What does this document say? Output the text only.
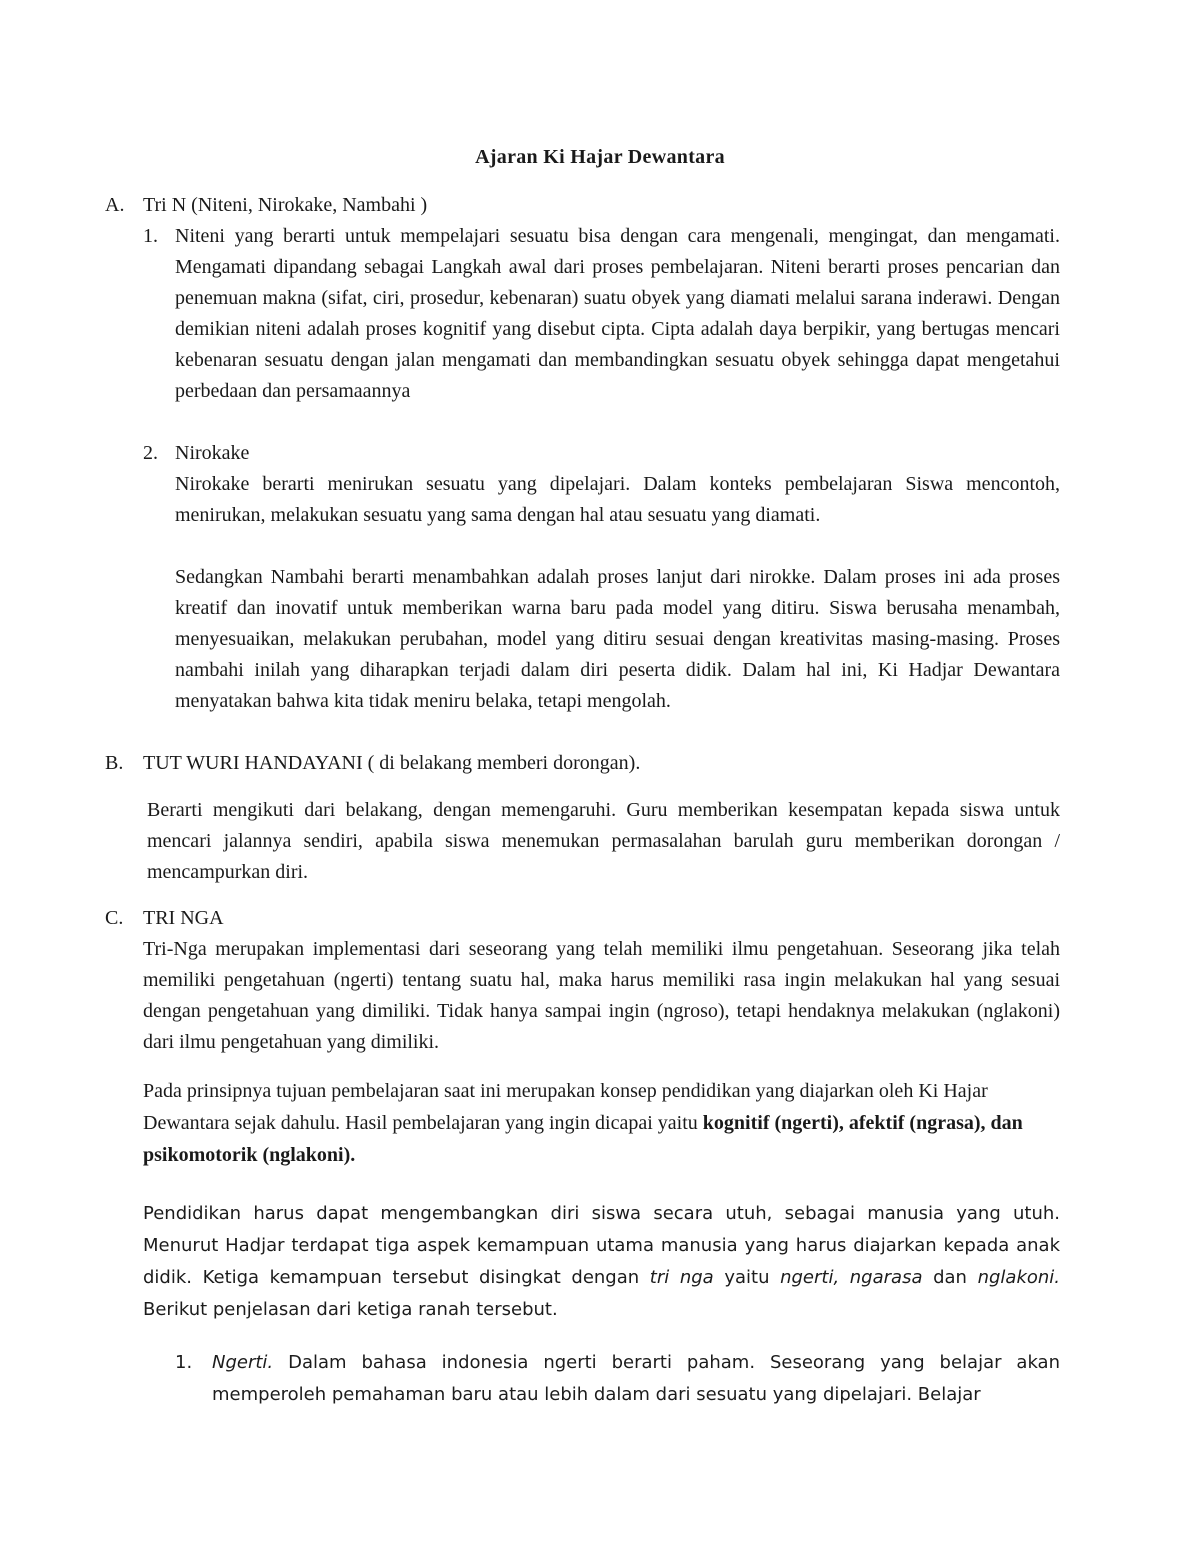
Ajaran Ki Hajar Dewantara
A. Tri N (Niteni, Nirokake, Nambahi )
1. Niteni yang berarti untuk mempelajari sesuatu bisa dengan cara mengenali, mengingat, dan mengamati. Mengamati dipandang sebagai Langkah awal dari proses pembelajaran. Niteni berarti proses pencarian dan penemuan makna (sifat, ciri, prosedur, kebenaran) suatu obyek yang diamati melalui sarana inderawi. Dengan demikian niteni adalah proses kognitif yang disebut cipta. Cipta adalah daya berpikir, yang bertugas mencari kebenaran sesuatu dengan jalan mengamati dan membandingkan sesuatu obyek sehingga dapat mengetahui perbedaan dan persamaannya
2. Nirokake
Nirokake berarti menirukan sesuatu yang dipelajari. Dalam konteks pembelajaran Siswa mencontoh, menirukan, melakukan sesuatu yang sama dengan hal atau sesuatu yang diamati.
Sedangkan Nambahi berarti menambahkan adalah proses lanjut dari nirokke. Dalam proses ini ada proses kreatif dan inovatif untuk memberikan warna baru pada model yang ditiru. Siswa berusaha menambah, menyesuaikan, melakukan perubahan, model yang ditiru sesuai dengan kreativitas masing-masing. Proses nambahi inilah yang diharapkan terjadi dalam diri peserta didik. Dalam hal ini, Ki Hadjar Dewantara menyatakan bahwa kita tidak meniru belaka, tetapi mengolah.
B. TUT WURI HANDAYANI ( di belakang memberi dorongan).
Berarti mengikuti dari belakang, dengan memengaruhi. Guru memberikan kesempatan kepada siswa untuk mencari jalannya sendiri, apabila siswa menemukan permasalahan barulah guru memberikan dorongan / mencampurkan diri.
C. TRI NGA
Tri-Nga merupakan implementasi dari seseorang yang telah memiliki ilmu pengetahuan. Seseorang jika telah memiliki pengetahuan (ngerti) tentang suatu hal, maka harus memiliki rasa ingin melakukan hal yang sesuai dengan pengetahuan yang dimiliki. Tidak hanya sampai ingin (ngroso), tetapi hendaknya melakukan (nglakoni) dari ilmu pengetahuan yang dimiliki.
Pada prinsipnya tujuan pembelajaran saat ini merupakan konsep pendidikan yang diajarkan oleh Ki Hajar Dewantara sejak dahulu. Hasil pembelajaran yang ingin dicapai yaitu kognitif (ngerti), afektif (ngrasa), dan psikomotorik (nglakoni).
Pendidikan harus dapat mengembangkan diri siswa secara utuh, sebagai manusia yang utuh. Menurut Hadjar terdapat tiga aspek kemampuan utama manusia yang harus diajarkan kepada anak didik. Ketiga kemampuan tersebut disingkat dengan tri nga yaitu ngerti, ngarasa dan nglakoni. Berikut penjelasan dari ketiga ranah tersebut.
1. Ngerti. Dalam bahasa indonesia ngerti berarti paham. Seseorang yang belajar akan memperoleh pemahaman baru atau lebih dalam dari sesuatu yang dipelajari. Belajar
